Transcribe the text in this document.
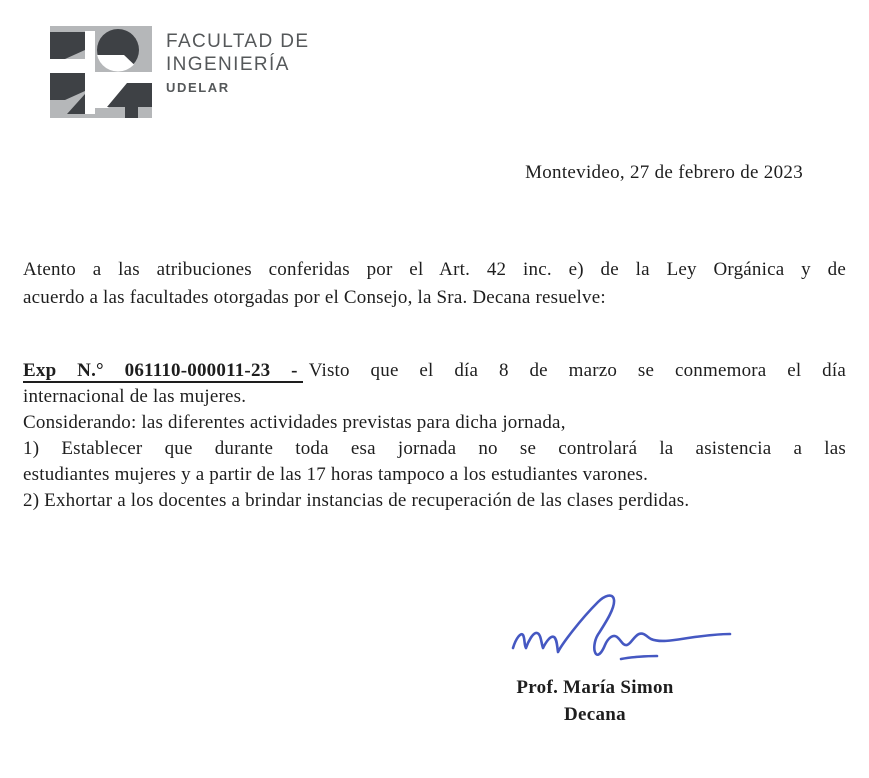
FACULTAD DE
INGENIERÍA
UDELAR
Montevideo, 27 de febrero de 2023
Atento a las atribuciones conferidas por el Art. 42 inc. e) de la Ley Orgánica y de
acuerdo a las facultades otorgadas por el Consejo, la Sra. Decana resuelve:
Exp N.° 061110-000011-23 - Visto que el día 8 de marzo se conmemora el día
internacional de las mujeres.
Considerando: las diferentes actividades previstas para dicha jornada,
1) Establecer que durante toda esa jornada no se controlará la asistencia a las
estudiantes mujeres y a partir de las 17 horas tampoco a los estudiantes varones.
2) Exhortar a los docentes a brindar instancias de recuperación de las clases perdidas.
Prof. María Simon
Decana
